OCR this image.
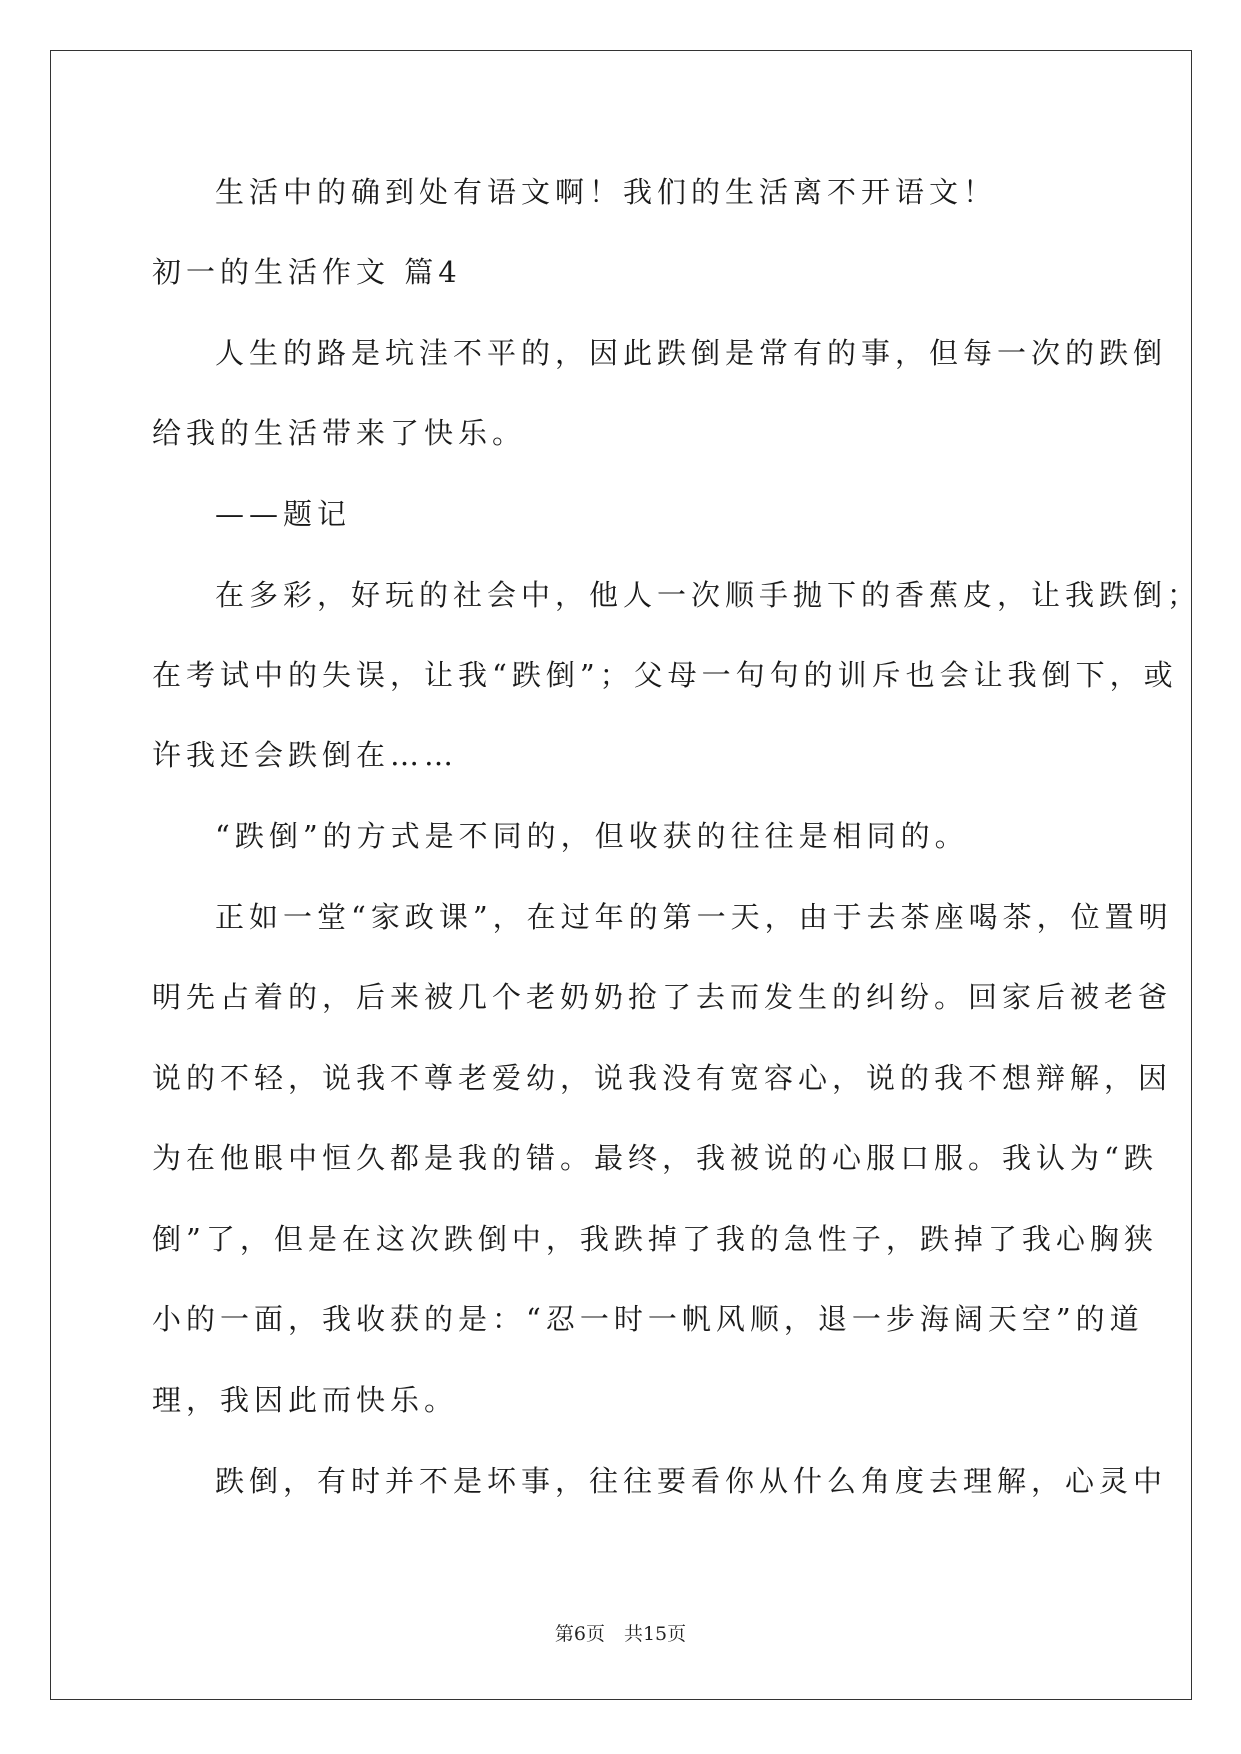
生活中的确到处有语文啊！我们的生活离不开语文！
初一的生活作文 篇4
人生的路是坑洼不平的，因此跌倒是常有的事，但每一次的跌倒
给我的生活带来了快乐。
——题记
在多彩，好玩的社会中，他人一次顺手抛下的香蕉皮，让我跌倒；
在考试中的失误，让我“跌倒”；父母一句句的训斥也会让我倒下，或
许我还会跌倒在……
“跌倒”的方式是不同的，但收获的往往是相同的。
正如一堂“家政课”，在过年的第一天，由于去茶座喝茶，位置明
明先占着的，后来被几个老奶奶抢了去而发生的纠纷。回家后被老爸
说的不轻，说我不尊老爱幼，说我没有宽容心，说的我不想辩解，因
为在他眼中恒久都是我的错。最终，我被说的心服口服。我认为“跌
倒”了，但是在这次跌倒中，我跌掉了我的急性子，跌掉了我心胸狭
小的一面，我收获的是：“忍一时一帆风顺，退一步海阔天空”的道
理，我因此而快乐。
跌倒，有时并不是坏事，往往要看你从什么角度去理解，心灵中
第6页　共15页
